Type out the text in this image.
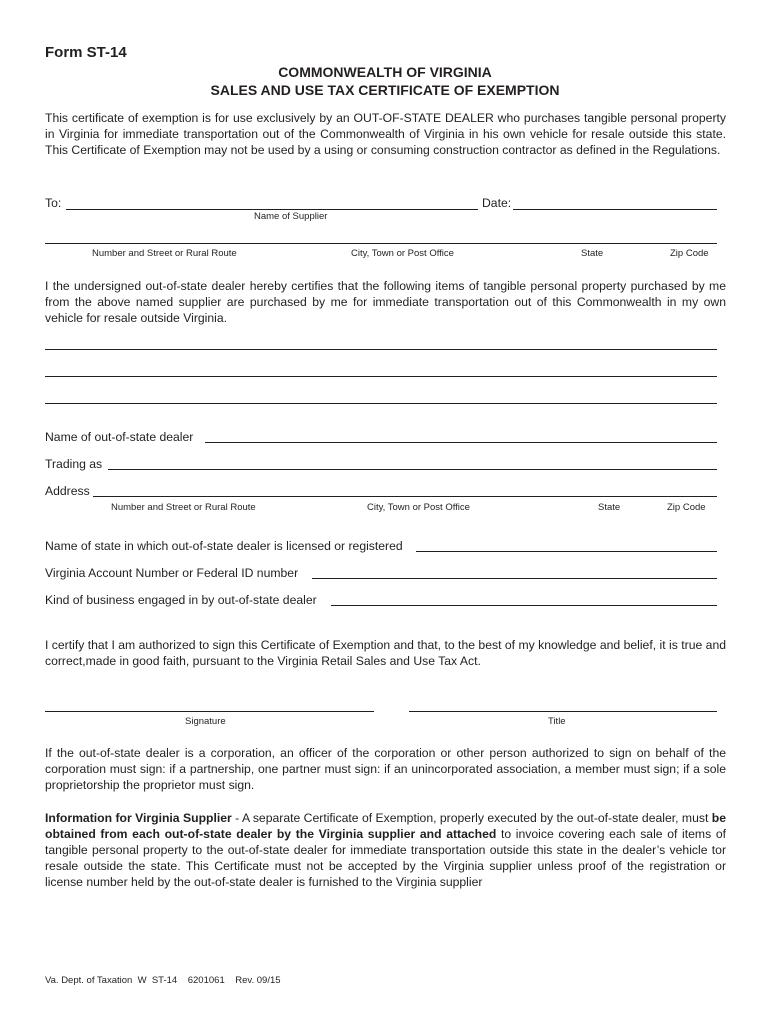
Form ST-14
COMMONWEALTH OF VIRGINIA
SALES AND USE TAX CERTIFICATE OF EXEMPTION
This certificate of exemption is for use exclusively by an OUT-OF-STATE DEALER who purchases tangible personal property in Virginia for immediate transportation out of the Commonwealth of Virginia in his own vehicle for resale outside this state. This Certificate of Exemption may not be used by a using or consuming construction contractor as defined in the Regulations.
To:	Date:
Name of Supplier
Number and Street or Rural Route	City, Town or Post Office	State	Zip Code
I the undersigned out-of-state dealer hereby certifies that the following items of tangible personal property purchased by me from the above named supplier are purchased by me for immediate transportation out of this Commonwealth in my own vehicle for resale outside Virginia.
Name of out-of-state dealer
Trading as
Address
Number and Street or Rural Route	City, Town or Post Office	State	Zip Code
Name of state in which out-of-state dealer is licensed or registered
Virginia Account Number or Federal ID number
Kind of business engaged in by out-of-state dealer
I certify that I am authorized to sign this Certificate of Exemption and that, to the best of my knowledge and belief, it is true and correct,made in good faith, pursuant to the Virginia Retail Sales and Use Tax Act.
Signature	Title
If the out-of-state dealer is a corporation, an officer of the corporation or other person authorized to sign on behalf of the corporation must sign: if a partnership, one partner must sign: if an unincorporated association, a member must sign; if a sole proprietorship the proprietor must sign.
Information for Virginia Supplier - A separate Certificate of Exemption, properly executed by the out-of-state dealer, must be obtained from each out-of-state dealer by the Virginia supplier and attached to invoice covering each sale of items of tangible personal property to the out-of-state dealer for immediate transportation outside this state in the dealer’s vehicle tor resale outside the state. This Certificate must not be accepted by the Virginia supplier unless proof of the registration or license number held by the out-of-state dealer is furnished to the Virginia supplier
Va. Dept. of Taxation  W  ST-14    6201061    Rev. 09/15
